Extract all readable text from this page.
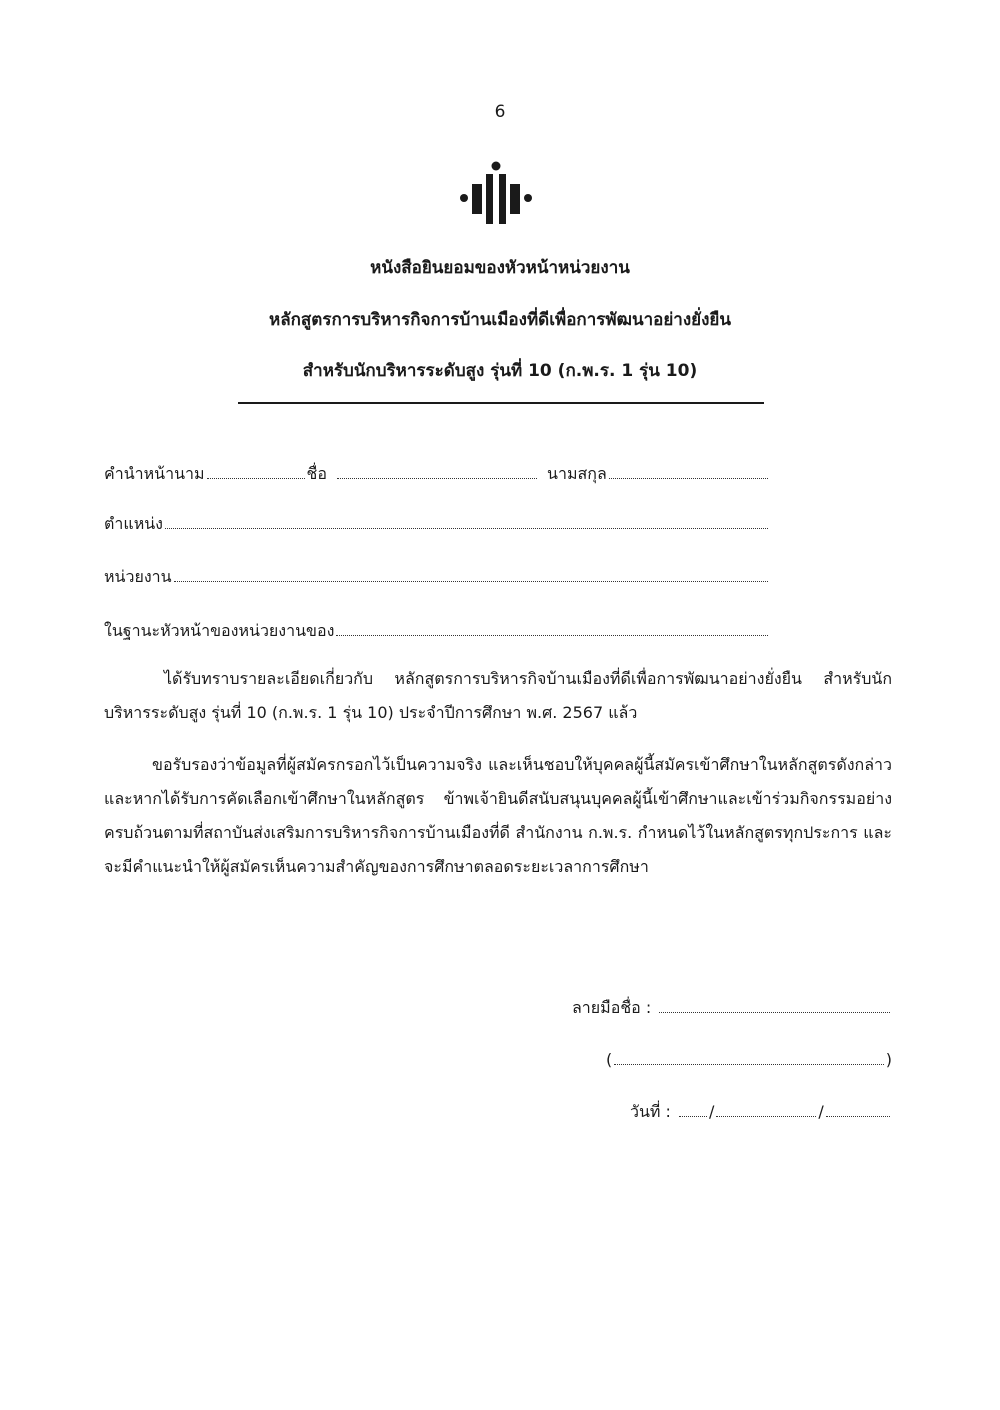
6
หนังสือยินยอมของหัวหน้าหน่วยงาน
หลักสูตรการบริหารกิจการบ้านเมืองที่ดีเพื่อการพัฒนาอย่างยั่งยืน
สำหรับนักบริหารระดับสูง รุ่นที่ 10 (ก.พ.ร. 1 รุ่น 10)
คำนำหน้านาม	ชื่อ	นามสกุล
ตำแหน่ง
หน่วยงาน
ในฐานะหัวหน้าของหน่วยงานของ
ได้รับทราบรายละเอียดเกี่ยวกับ หลักสูตรการบริหารกิจบ้านเมืองที่ดีเพื่อการพัฒนาอย่างยั่งยืน สำหรับนักบริหารระดับสูง รุ่นที่ 10 (ก.พ.ร. 1 รุ่น 10) ประจำปีการศึกษา พ.ศ. 2567 แล้ว
ขอรับรองว่าข้อมูลที่ผู้สมัครกรอกไว้เป็นความจริง และเห็นชอบให้บุคคลผู้นี้สมัครเข้าศึกษาในหลักสูตรดังกล่าว และหากได้รับการคัดเลือกเข้าศึกษาในหลักสูตร ข้าพเจ้ายินดีสนับสนุนบุคคลผู้นี้เข้าศึกษาและเข้าร่วมกิจกรรมอย่างครบถ้วนตามที่สถาบันส่งเสริมการบริหารกิจการบ้านเมืองที่ดี สำนักงาน ก.พ.ร. กำหนดไว้ในหลักสูตรทุกประการ และจะมีคำแนะนำให้ผู้สมัครเห็นความสำคัญของการศึกษาตลอดระยะเวลาการศึกษา
ลายมือชื่อ :
(	)
วันที่ : /	/
